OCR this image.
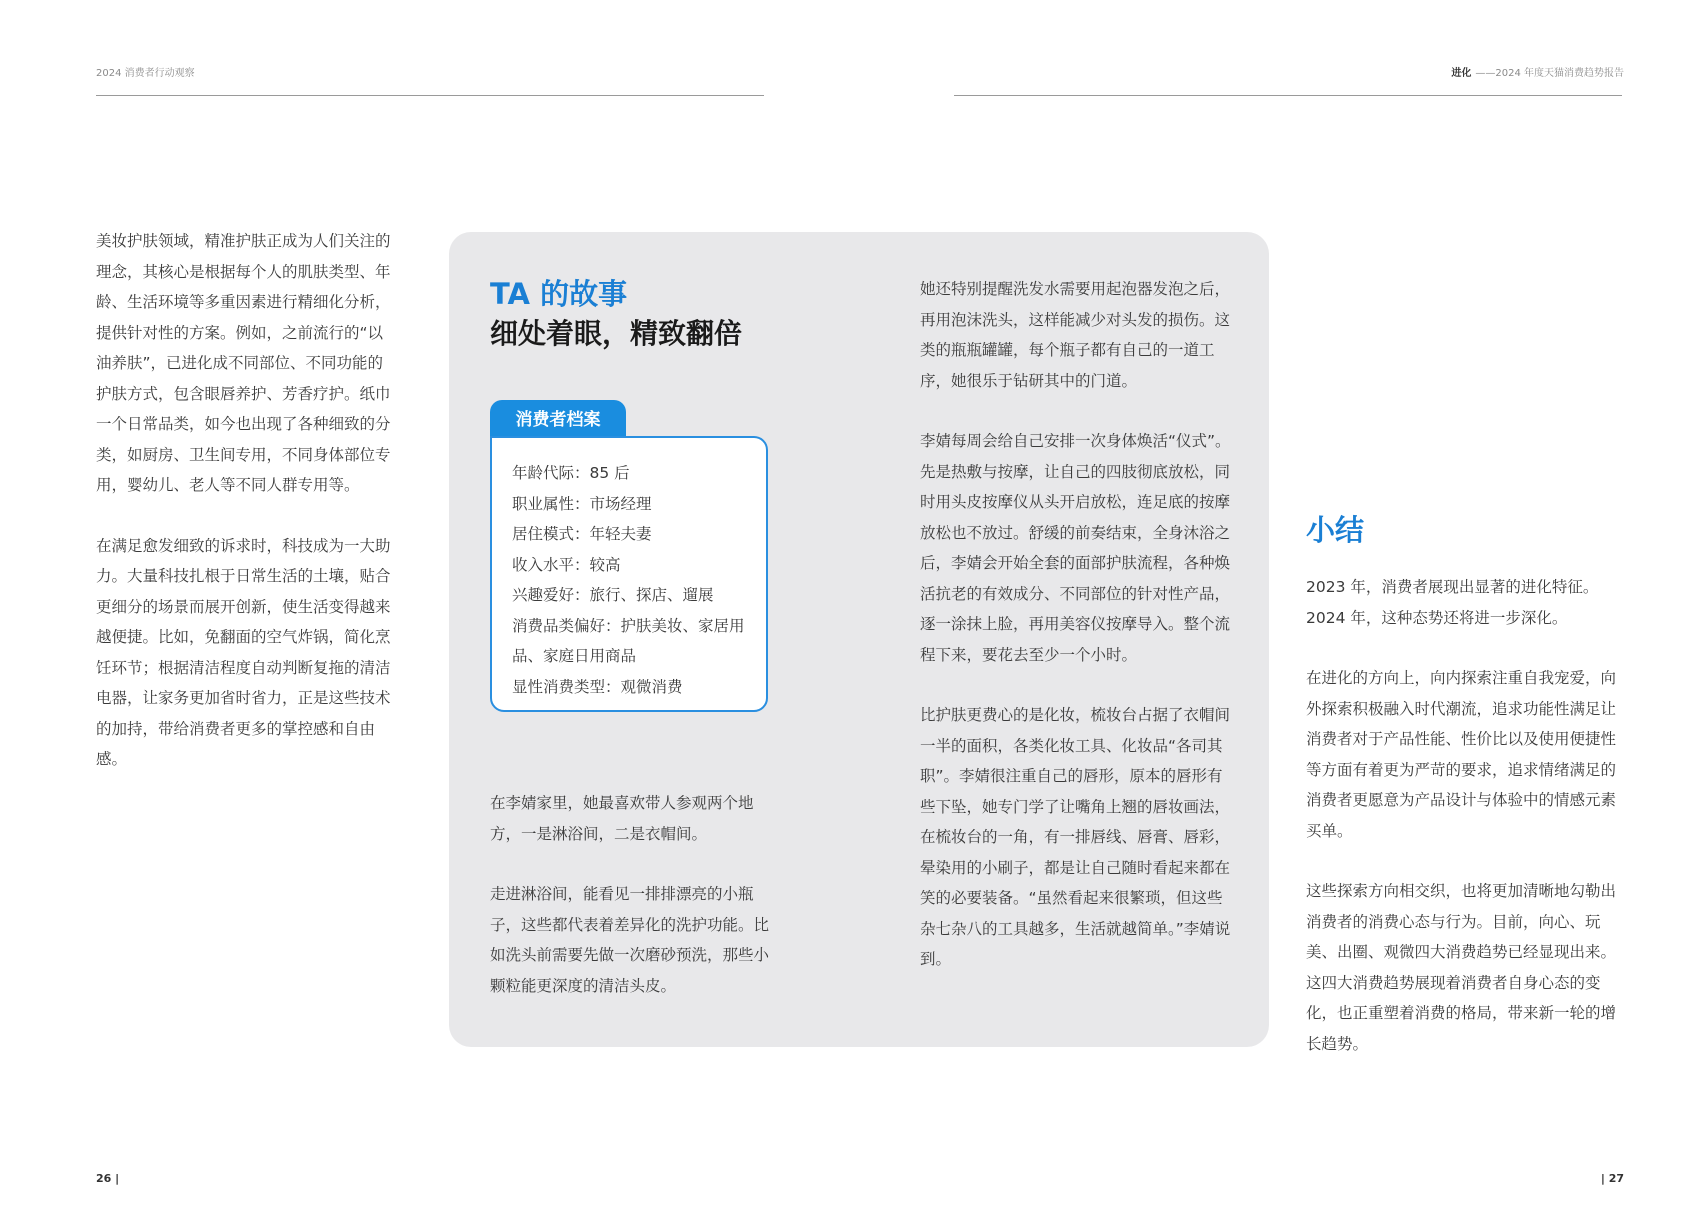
2024 消费者行动观察	进化 ——2024 年度天猫消费趋势报告

美妆护肤领域，精准护肤正成为人们关注的理念，其核心是根据每个人的肌肤类型、年龄、生活环境等多重因素进行精细化分析，提供针对性的方案。例如，之前流行的“以油养肤”，已进化成不同部位、不同功能的护肤方式，包含眼唇养护、芳香疗护。纸巾一个日常品类，如今也出现了各种细致的分类，如厨房、卫生间专用，不同身体部位专用，婴幼儿、老人等不同人群专用等。

在满足愈发细致的诉求时，科技成为一大助力。大量科技扎根于日常生活的土壤，贴合更细分的场景而展开创新，使生活变得越来越便捷。比如，免翻面的空气炸锅，简化烹饪环节；根据清洁程度自动判断复拖的清洁电器，让家务更加省时省力，正是这些技术的加持，带给消费者更多的掌控感和自由感。

TA 的故事
细处着眼，精致翻倍
消费者档案
年龄代际：85 后
职业属性：市场经理
居住模式：年轻夫妻
收入水平：较高
兴趣爱好：旅行、探店、遛展
消费品类偏好：护肤美妆、家居用品、家庭日用商品
显性消费类型：观微消费

在李婧家里，她最喜欢带人参观两个地方，一是淋浴间，二是衣帽间。

走进淋浴间，能看见一排排漂亮的小瓶子，这些都代表着差异化的洗护功能。比如洗头前需要先做一次磨砂预洗，那些小颗粒能更深度的清洁头皮。

她还特别提醒洗发水需要用起泡器发泡之后，再用泡沫洗头，这样能减少对头发的损伤。这类的瓶瓶罐罐，每个瓶子都有自己的一道工序，她很乐于钻研其中的门道。

李婧每周会给自己安排一次身体焕活“仪式”。先是热敷与按摩，让自己的四肢彻底放松，同时用头皮按摩仪从头开启放松，连足底的按摩放松也不放过。舒缓的前奏结束，全身沐浴之后，李婧会开始全套的面部护肤流程，各种焕活抗老的有效成分、不同部位的针对性产品，逐一涂抹上脸，再用美容仪按摩导入。整个流程下来，要花去至少一个小时。

比护肤更费心的是化妆，梳妆台占据了衣帽间一半的面积，各类化妆工具、化妆品“各司其职”。李婧很注重自己的唇形，原本的唇形有些下坠，她专门学了让嘴角上翘的唇妆画法，在梳妆台的一角，有一排唇线、唇膏、唇彩，晕染用的小刷子，都是让自己随时看起来都在笑的必要装备。“虽然看起来很繁琐，但这些杂七杂八的工具越多，生活就越简单。”李婧说到。

小结

2023 年，消费者展现出显著的进化特征。2024 年，这种态势还将进一步深化。

在进化的方向上，向内探索注重自我宠爱，向外探索积极融入时代潮流，追求功能性满足让消费者对于产品性能、性价比以及使用便捷性等方面有着更为严苛的要求，追求情绪满足的消费者更愿意为产品设计与体验中的情感元素买单。

这些探索方向相交织，也将更加清晰地勾勒出消费者的消费心态与行为。目前，向心、玩美、出圈、观微四大消费趋势已经显现出来。这四大消费趋势展现着消费者自身心态的变化，也正重塑着消费的格局，带来新一轮的增长趋势。

26 |	| 27
